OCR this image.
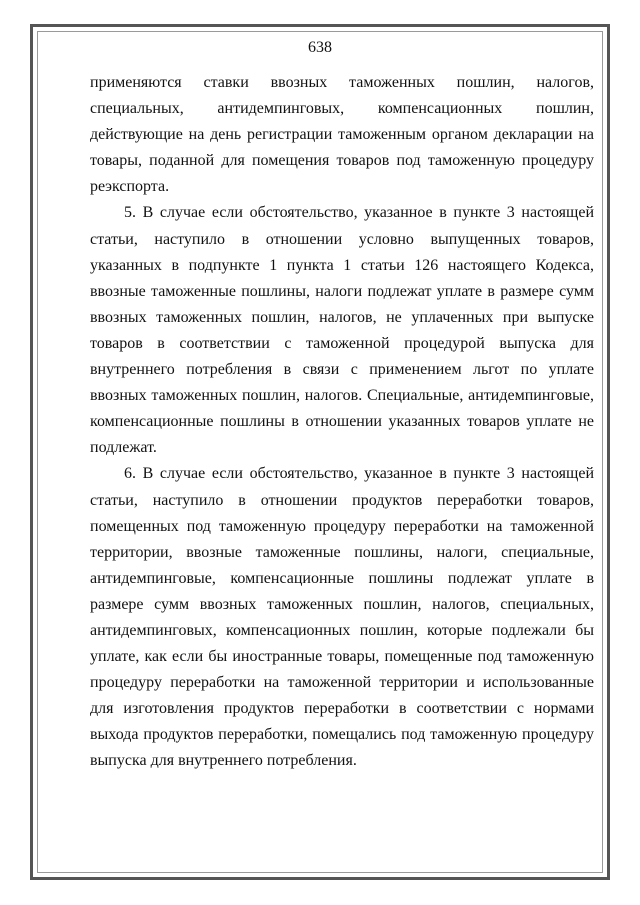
638

применяются ставки ввозных таможенных пошлин, налогов, специальных, антидемпинговых, компенсационных пошлин, действующие на день регистрации таможенным органом декларации на товары, поданной для помещения товаров под таможенную процедуру реэкспорта.

5. В случае если обстоятельство, указанное в пункте 3 настоящей статьи, наступило в отношении условно выпущенных товаров, указанных в подпункте 1 пункта 1 статьи 126 настоящего Кодекса, ввозные таможенные пошлины, налоги подлежат уплате в размере сумм ввозных таможенных пошлин, налогов, не уплаченных при выпуске товаров в соответствии с таможенной процедурой выпуска для внутреннего потребления в связи с применением льгот по уплате ввозных таможенных пошлин, налогов. Специальные, антидемпинговые, компенсационные пошлины в отношении указанных товаров уплате не подлежат.

6. В случае если обстоятельство, указанное в пункте 3 настоящей статьи, наступило в отношении продуктов переработки товаров, помещенных под таможенную процедуру переработки на таможенной территории, ввозные таможенные пошлины, налоги, специальные, антидемпинговые, компенсационные пошлины подлежат уплате в размере сумм ввозных таможенных пошлин, налогов, специальных, антидемпинговых, компенсационных пошлин, которые подлежали бы уплате, как если бы иностранные товары, помещенные под таможенную процедуру переработки на таможенной территории и использованные для изготовления продуктов переработки в соответствии с нормами выхода продуктов переработки, помещались под таможенную процедуру выпуска для внутреннего потребления.
